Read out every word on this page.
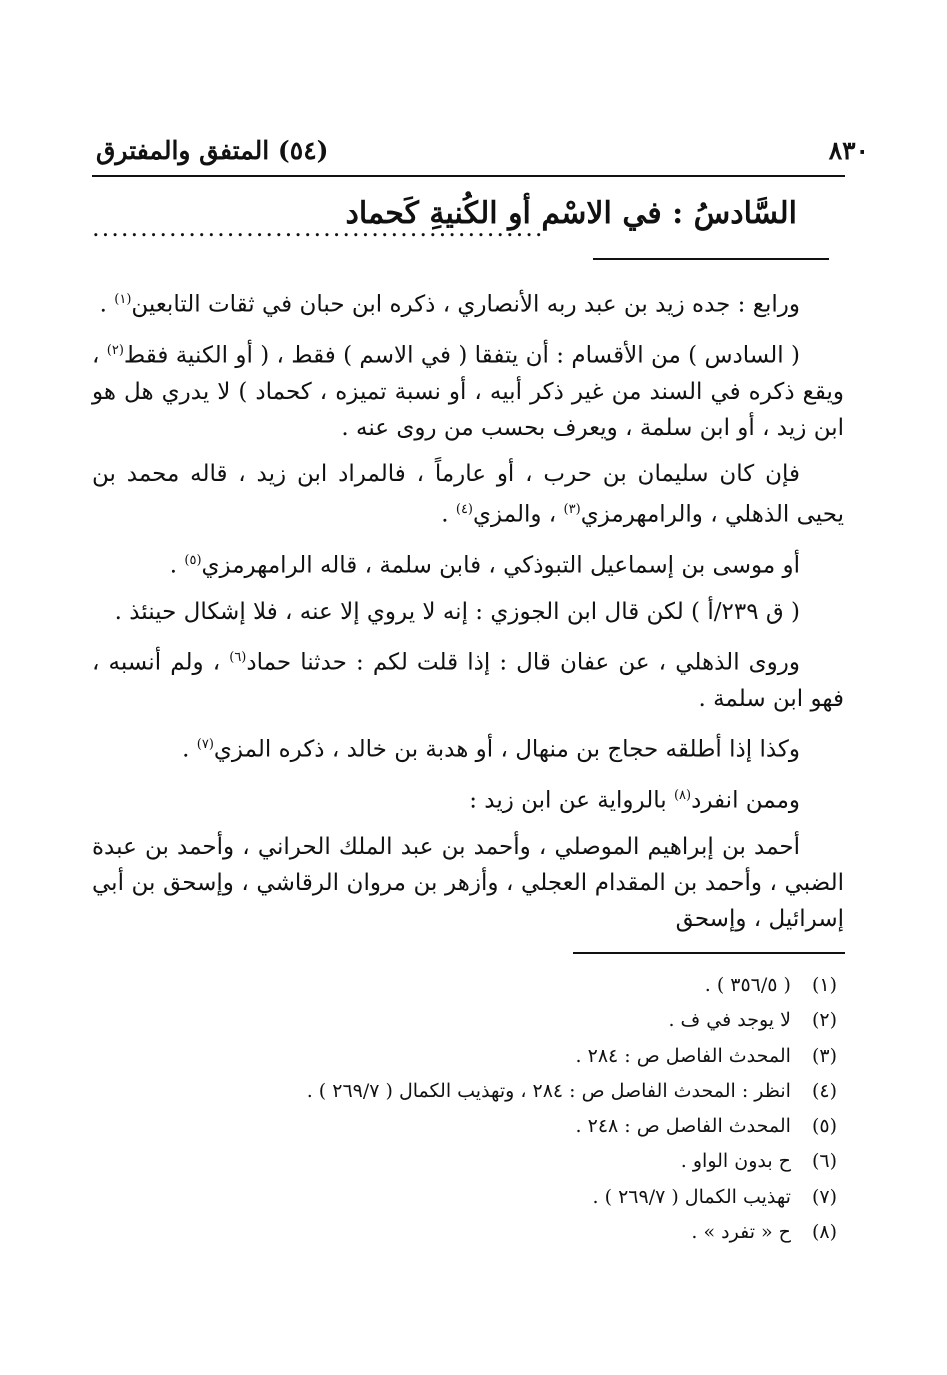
٨٣٠
(٥٤) المتفق والمفترق
السَّادسُ : في الاسْم أو الكُنيةِ كَحماد
...............................................

ورابع : جده زيد بن عبد ربه الأنصاري ، ذكره ابن حبان في ثقات التابعين$^{(١)}$ .

( السادس ) من الأقسام : أن يتفقا ( في الاسم ) فقط ، ( أو الكنية فقط$^{(٢)}$ ، ويقع ذكره في السند من غير ذكر أبيه ، أو نسبة تميزه ، كحماد ) لا يدري هل هو ابن زيد ، أو ابن سلمة ، ويعرف بحسب من روى عنه .

فإن كان سليمان بن حرب ، أو عارماً ، فالمراد ابن زيد ، قاله محمد بن يحيى الذهلي ، والرامهرمزي$^{(٣)}$ ، والمزي$^{(٤)}$ .

أو موسى بن إسماعيل التبوذكي ، فابن سلمة ، قاله الرامهرمزي$^{(٥)}$ .

( ق ٢٣٩/أ ) لكن قال ابن الجوزي : إنه لا يروي إلا عنه ، فلا إشكال حينئذ .

وروى الذهلي ، عن عفان قال : إذا قلت لكم : حدثنا حماد$^{(٦)}$ ، ولم أنسبه ، فهو ابن سلمة .

وكذا إذا أطلقه حجاج بن منهال ، أو هدبة بن خالد ، ذكره المزي$^{(٧)}$ .

وممن انفرد$^{(٨)}$ بالرواية عن ابن زيد :

أحمد بن إبراهيم الموصلي ، وأحمد بن عبد الملك الحراني ، وأحمد بن عبدة الضبي ، وأحمد بن المقدام العجلي ، وأزهر بن مروان الرقاشي ، وإسحق بن أبي إسرائيل ، وإسحق

(١) ( ٣٥٦/٥ ) .
(٢) لا يوجد في ف .
(٣) المحدث الفاصل ص : ٢٨٤ .
(٤) انظر : المحدث الفاصل ص : ٢٨٤ ، وتهذيب الكمال ( ٢٦٩/٧ ) .
(٥) المحدث الفاصل ص : ٢٤٨ .
(٦) ح بدون الواو .
(٧) تهذيب الكمال ( ٢٦٩/٧ ) .
(٨) ح « تفرد » .
